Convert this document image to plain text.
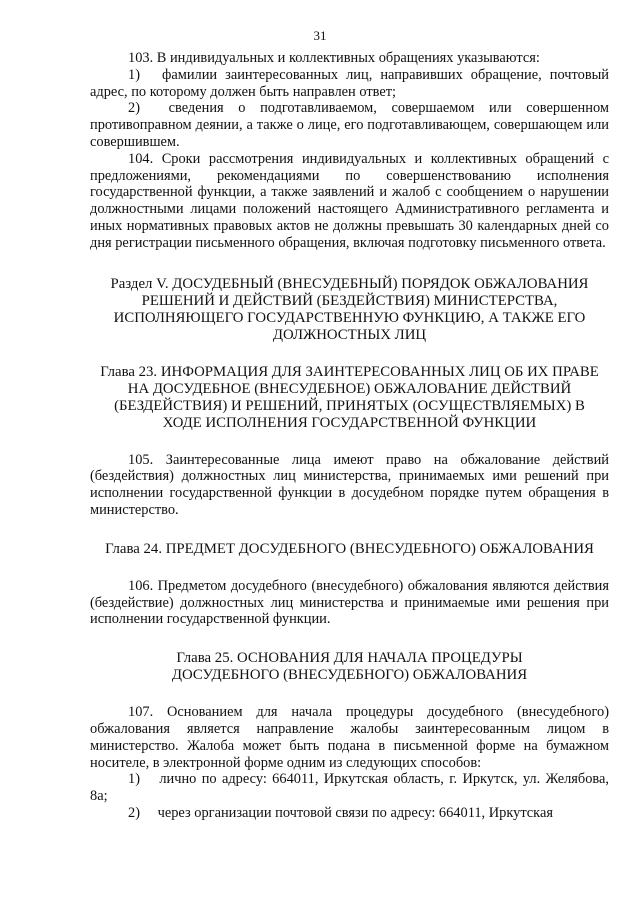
31

103. В индивидуальных и коллективных обращениях указываются:

1) фамилии заинтересованных лиц, направивших обращение, почтовый адрес, по которому должен быть направлен ответ;

2) сведения о подготавливаемом, совершаемом или совершенном противоправном деянии, а также о лице, его подготавливающем, совершающем или совершившем.

104. Сроки рассмотрения индивидуальных и коллективных обращений с предложениями, рекомендациями по совершенствованию исполнения государственной функции, а также заявлений и жалоб с сообщением о нарушении должностными лицами положений настоящего Административного регламента и иных нормативных правовых актов не должны превышать 30 календарных дней со дня регистрации письменного обращения, включая подготовку письменного ответа.

Раздел V. ДОСУДЕБНЫЙ (ВНЕСУДЕБНЫЙ) ПОРЯДОК ОБЖАЛОВАНИЯ
РЕШЕНИЙ И ДЕЙСТВИЙ (БЕЗДЕЙСТВИЯ) МИНИСТЕРСТВА,
ИСПОЛНЯЮЩЕГО ГОСУДАРСТВЕННУЮ ФУНКЦИЮ, А ТАКЖЕ ЕГО
ДОЛЖНОСТНЫХ ЛИЦ
Глава 23. ИНФОРМАЦИЯ ДЛЯ ЗАИНТЕРЕСОВАННЫХ ЛИЦ ОБ ИХ ПРАВЕ
НА ДОСУДЕБНОЕ (ВНЕСУДЕБНОЕ) ОБЖАЛОВАНИЕ ДЕЙСТВИЙ
(БЕЗДЕЙСТВИЯ) И РЕШЕНИЙ, ПРИНЯТЫХ (ОСУЩЕСТВЛЯЕМЫХ) В
ХОДЕ ИСПОЛНЕНИЯ ГОСУДАРСТВЕННОЙ ФУНКЦИИ

105. Заинтересованные лица имеют право на обжалование действий (бездействия) должностных лиц министерства, принимаемых ими решений при исполнении государственной функции в досудебном порядке путем обращения в министерство.

Глава 24. ПРЕДМЕТ ДОСУДЕБНОГО (ВНЕСУДЕБНОГО) ОБЖАЛОВАНИЯ

106. Предметом досудебного (внесудебного) обжалования являются действия (бездействие) должностных лиц министерства и принимаемые ими решения при исполнении государственной функции.

Глава 25. ОСНОВАНИЯ ДЛЯ НАЧАЛА ПРОЦЕДУРЫ
ДОСУДЕБНОГО (ВНЕСУДЕБНОГО) ОБЖАЛОВАНИЯ

107. Основанием для начала процедуры досудебного (внесудебного) обжалования является направление жалобы заинтересованным лицом в министерство. Жалоба может быть подана в письменной форме на бумажном носителе, в электронной форме одним из следующих способов:

1) лично по адресу: 664011, Иркутская область, г. Иркутск, ул. Желябова, 8а;

2) через организации почтовой связи по адресу: 664011, Иркутская
